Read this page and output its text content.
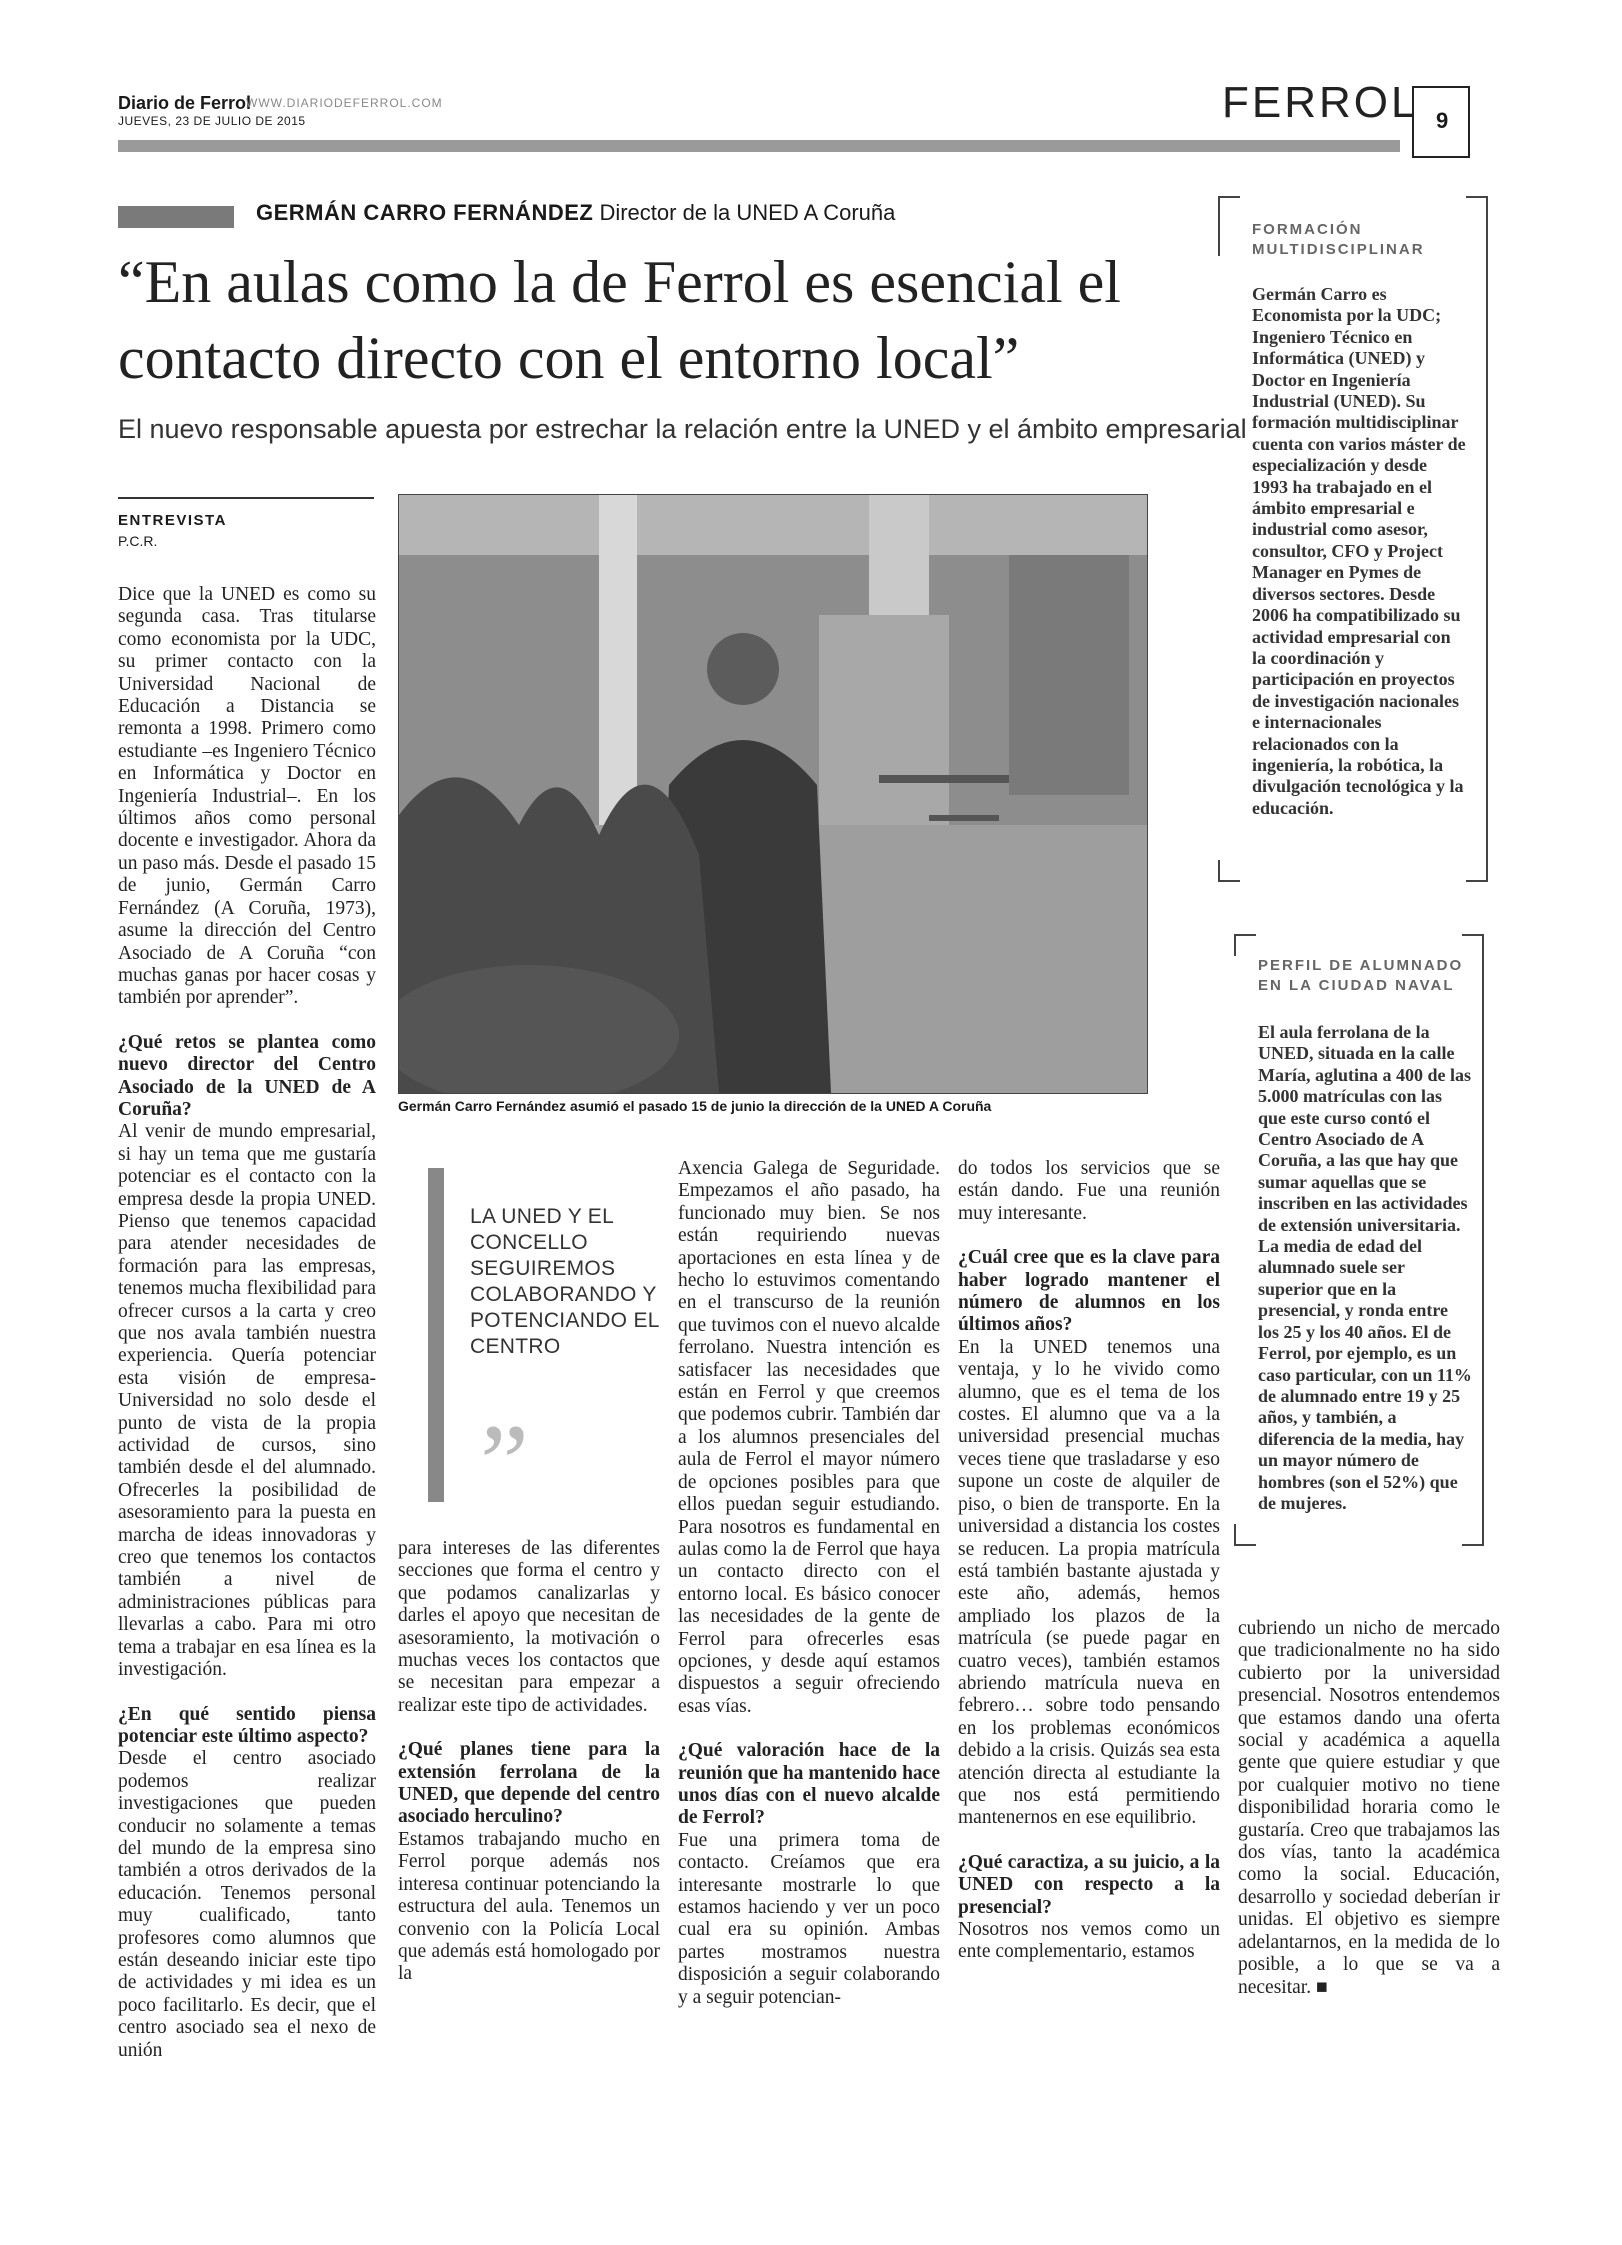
Diario de Ferrol
WWW.DIARIODEFERROL.COM
JUEVES, 23 DE JULIO DE 2015	FERROL 9
GERMÁN CARRO FERNÁNDEZ Director de la UNED A Coruña
“En aulas como la de Ferrol es esencial el contacto directo con el entorno local”
El nuevo responsable apuesta por estrechar la relación entre la UNED y el ámbito empresarial
ENTREVISTA
P.C.R.
Germán Carro Fernández asumió el pasado 15 de junio la dirección de la UNED A Coruña

Dice que la UNED es como su segunda casa. Tras titularse como economista por la UDC, su primer contacto con la Universidad Nacional de Educación a Distancia se remonta a 1998. Primero como estudiante –es Ingeniero Técnico en Informática y Doctor en Ingeniería Industrial–. En los últimos años como personal docente e investigador. Ahora da un paso más. Desde el pasado 15 de junio, Germán Carro Fernández (A Coruña, 1973), asume la dirección del Centro Asociado de A Coruña “con muchas ganas por hacer cosas y también por aprender”.

¿Qué retos se plantea como nuevo director del Centro Asociado de la UNED de A Coruña?

Al venir de mundo empresarial, si hay un tema que me gustaría potenciar es el contacto con la empresa desde la propia UNED. Pienso que tenemos capacidad para atender necesidades de formación para las empresas, tenemos mucha flexibilidad para ofrecer cursos a la carta y creo que nos avala también nuestra experiencia. Quería potenciar esta visión de empresa-Universidad no solo desde el punto de vista de la propia actividad de cursos, sino también desde el del alumnado. Ofrecerles la posibilidad de asesoramiento para la puesta en marcha de ideas innovadoras y creo que tenemos los contactos también a nivel de administraciones públicas para llevarlas a cabo. Para mi otro tema a trabajar en esa línea es la investigación.

¿En qué sentido piensa potenciar este último aspecto?

Desde el centro asociado podemos realizar investigaciones que pueden conducir no solamente a temas del mundo de la empresa sino también a otros derivados de la educación. Tenemos personal muy cualificado, tanto profesores como alumnos que están deseando iniciar este tipo de actividades y mi idea es un poco facilitarlo. Es decir, que el centro asociado sea el nexo de unión

LA UNED Y EL CONCELLO SEGUIREMOS COLABORANDO Y POTENCIANDO EL CENTRO
”

para intereses de las diferentes secciones que forma el centro y que podamos canalizarlas y darles el apoyo que necesitan de asesoramiento, la motivación o muchas veces los contactos que se necesitan para empezar a realizar este tipo de actividades.

¿Qué planes tiene para la extensión ferrolana de la UNED, que depende del centro asociado herculino?

Estamos trabajando mucho en Ferrol porque además nos interesa continuar potenciando la estructura del aula. Tenemos un convenio con la Policía Local que además está homologado por la

Axencia Galega de Seguridade. Empezamos el año pasado, ha funcionado muy bien. Se nos están requiriendo nuevas aportaciones en esta línea y de hecho lo estuvimos comentando en el transcurso de la reunión que tuvimos con el nuevo alcalde ferrolano. Nuestra intención es satisfacer las necesidades que están en Ferrol y que creemos que podemos cubrir. También dar a los alumnos presenciales del aula de Ferrol el mayor número de opciones posibles para que ellos puedan seguir estudiando. Para nosotros es fundamental en aulas como la de Ferrol que haya un contacto directo con el entorno local. Es básico conocer las necesidades de la gente de Ferrol para ofrecerles esas opciones, y desde aquí estamos dispuestos a seguir ofreciendo esas vías.

¿Qué valoración hace de la reunión que ha mantenido hace unos días con el nuevo alcalde de Ferrol?

Fue una primera toma de contacto. Creíamos que era interesante mostrarle lo que estamos haciendo y ver un poco cual era su opinión. Ambas partes mostramos nuestra disposición a seguir colaborando y a seguir potencian-

do todos los servicios que se están dando. Fue una reunión muy interesante.

¿Cuál cree que es la clave para haber logrado mantener el número de alumnos en los últimos años?

En la UNED tenemos una ventaja, y lo he vivido como alumno, que es el tema de los costes. El alumno que va a la universidad presencial muchas veces tiene que trasladarse y eso supone un coste de alquiler de piso, o bien de transporte. En la universidad a distancia los costes se reducen. La propia matrícula está también bastante ajustada y este año, además, hemos ampliado los plazos de la matrícula (se puede pagar en cuatro veces), también estamos abriendo matrícula nueva en febrero… sobre todo pensando en los problemas económicos debido a la crisis. Quizás sea esta atención directa al estudiante la que nos está permitiendo mantenernos en ese equilibrio.

¿Qué caractiza, a su juicio, a la UNED con respecto a la presencial?

Nosotros nos vemos como un ente complementario, estamos

cubriendo un nicho de mercado que tradicionalmente no ha sido cubierto por la universidad presencial. Nosotros entendemos que estamos dando una oferta social y académica a aquella gente que quiere estudiar y que por cualquier motivo no tiene disponibilidad horaria como le gustaría. Creo que trabajamos las dos vías, tanto la académica como la social. Educación, desarrollo y sociedad deberían ir unidas. El objetivo es siempre adelantarnos, en la medida de lo posible, a lo que se va a necesitar. ■

FORMACIÓN MULTIDISCIPLINAR
Germán Carro es Economista por la UDC; Ingeniero Técnico en Informática (UNED) y Doctor en Ingeniería Industrial (UNED). Su formación multidisciplinar cuenta con varios máster de especialización y desde 1993 ha trabajado en el ámbito empresarial e industrial como asesor, consultor, CFO y Project Manager en Pymes de diversos sectores. Desde 2006 ha compatibilizado su actividad empresarial con la coordinación y participación en proyectos de investigación nacionales e internacionales relacionados con la ingeniería, la robótica, la divulgación tecnológica y la educación.
PERFIL DE ALUMNADO EN LA CIUDAD NAVAL
El aula ferrolana de la UNED, situada en la calle María, aglutina a 400 de las 5.000 matrículas con las que este curso contó el Centro Asociado de A Coruña, a las que hay que sumar aquellas que se inscriben en las actividades de extensión universitaria. La media de edad del alumnado suele ser superior que en la presencial, y ronda entre los 25 y los 40 años. El de Ferrol, por ejemplo, es un caso particular, con un 11% de alumnado entre 19 y 25 años, y también, a diferencia de la media, hay un mayor número de hombres (son el 52%) que de mujeres.
